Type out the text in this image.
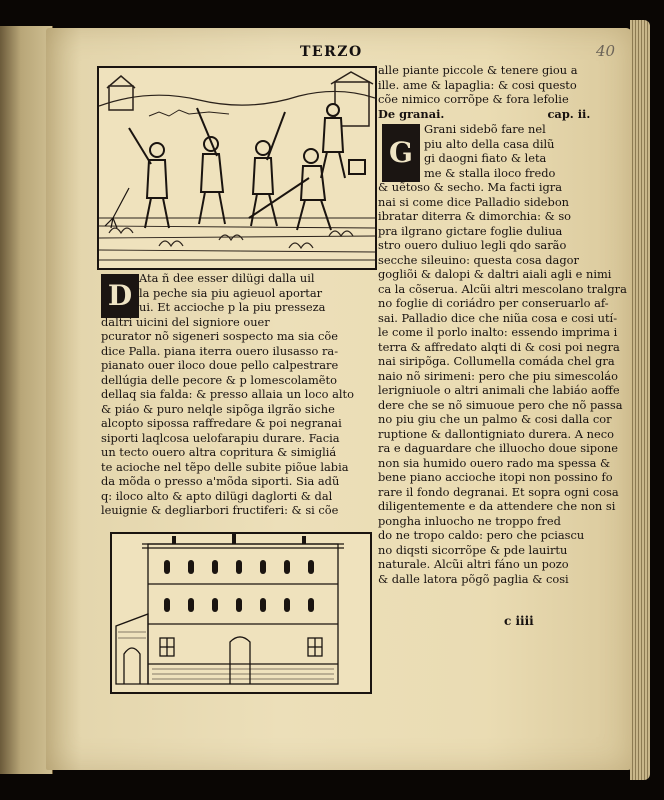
TERZO	40
D
Ata ñ dee esser dilügi dalla uil
la peche sia piu agieuol aportar
ui. Et accioche p la piu presseza
daltri uicini del signiore ouer
pcurator nõ sigeneri sospecto ma sia cõe
dice Palla. piana iterra ouero ilusasso ra-
pianato ouer iloco doue pello calpestrare
dellúgia delle pecore & p lomescolamẽto
dellaq sia falda: & presso allaia un loco alto
& piáo & puro nelqle sipõga ilgrão siche
alcopto sipossa raffredare & poi negranai
siporti laqlcosa uelofarapiu durare. Facia
un tecto ouero altra copritura & simigliá
te acioche nel tẽpo delle subite piõue labia
da mõda o presso a'mõda siporti. Sia adũ
q: iloco alto & apto dilügi daglorti & dal
leuignie & degliarbori fructiferi: & si cõe
alle piante piccole & tenere giou a
ille. ame & lapaglia: & cosi questo
cõe nimico corrõpe & fora lefolie
De granai.                          cap. ii.
G
Grani sidebõ fare nel
piu alto della casa dilũ
gi daogni fiato & leta
me & stalla iloco fredo
& uẽtoso & secho. Ma facti igra
nai si come dice Palladio sidebon
ibratar diterra & dimorchia: & so
pra ilgrano gictare foglie duliua
stro ouero duliuo legli qdo sarão
secche sileuino: questa cosa dagor
gogliõi & dalopi & daltri aiali agli e nimi
ca la cõserua. Alcũi altri mescolano tralgra
no foglie di coriádro per conseruarlo af-
sai. Palladio dice che niũa cosa e cosi utí-
le come il porlo inalto: essendo imprima i
terra & affredato alqti di & cosi poi negra
nai siripõga. Collumella comáda chel gra
naio nõ sirimeni: pero che piu simescoláo
lerigniuole o altri animali che labiáo aoffe
dere che se nõ simuoue pero che nõ passa
no piu giu che un palmo & cosi dalla cor
ruptione & dallontigniato durera. A neco
ra e daguardare che illuocho doue sipone
non sia humido ouero rado ma spessa &
bene piano accioche itopi non possino fo
rare il fondo degranai. Et sopra ogni cosa
diligentemente e da attendere che non si
ponghа inluocho ne troppo fred
do ne tropo caldo: pero che pciascu
no diqsti sicorrõpe & pde lauirtu
naturale. Alcũi altri fáno un pozo
& dalle latora põgõ paglia & cosi
c iiii
